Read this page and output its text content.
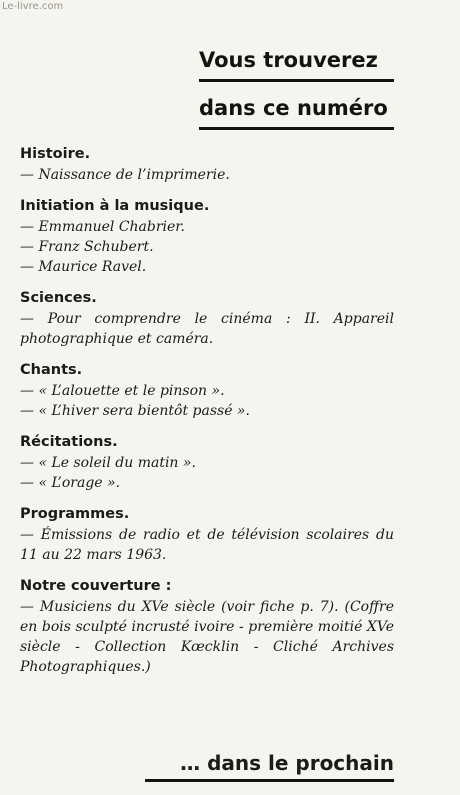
Le-livre.com
Vous trouverez
dans ce numéro

Histoire.

— Naissance de l’imprimerie.

Initiation à la musique.

— Emmanuel Chabrier.

— Franz Schubert.

— Maurice Ravel.

Sciences.

— Pour comprendre le cinéma : II. Appareil photographique et caméra.

Chants.

— « L’alouette et le pinson ».

— « L’hiver sera bientôt passé ».

Récitations.

— « Le soleil du matin ».

— « L’orage ».

Programmes.

— Émissions de radio et de télévision scolaires du 11 au 22 mars 1963.

Notre couverture :

— Musiciens du XVe siècle (voir fiche p. 7). (Coffre en bois sculpté incrusté ivoire - première moitié XVe siècle - Collection Kœcklin - Cliché Archives Photographiques.)

… dans le prochain
